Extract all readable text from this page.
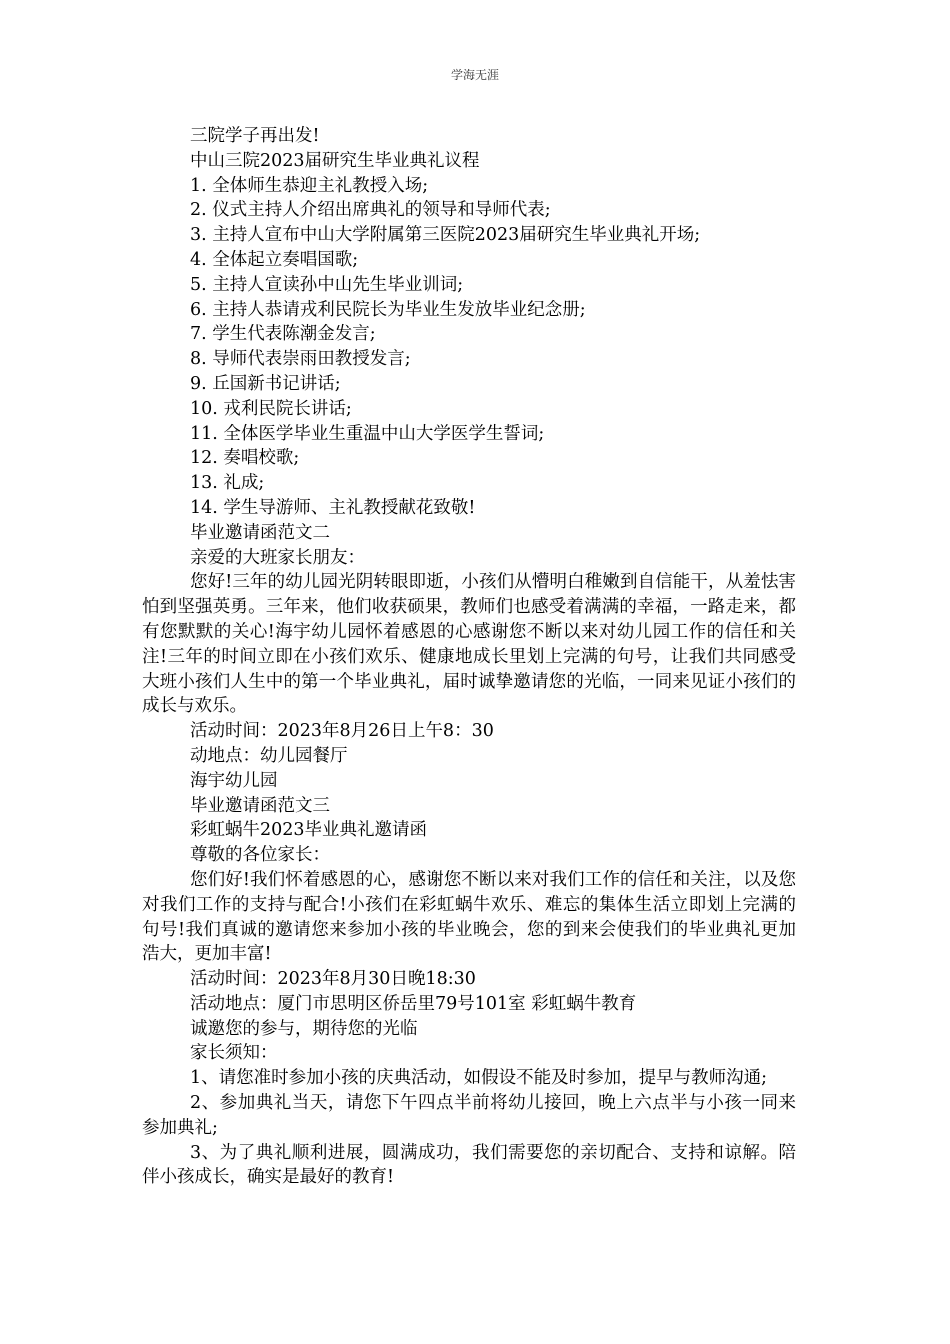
学海无涯

三院学子再出发!

中山三院2023届研究生毕业典礼议程

1. 全体师生恭迎主礼教授入场;

2. 仪式主持人介绍出席典礼的领导和导师代表;

3. 主持人宣布中山大学附属第三医院2023届研究生毕业典礼开场;

4. 全体起立奏唱国歌;

5. 主持人宣读孙中山先生毕业训词;

6. 主持人恭请戎利民院长为毕业生发放毕业纪念册;

7. 学生代表陈潮金发言;

8. 导师代表崇雨田教授发言;

9. 丘国新书记讲话;

10. 戎利民院长讲话;

11. 全体医学毕业生重温中山大学医学生誓词;

12. 奏唱校歌;

13. 礼成;

14. 学生导游师、主礼教授献花致敬!

毕业邀请函范文二

亲爱的大班家长朋友：

您好!三年的幼儿园光阴转眼即逝，小孩们从懵明白稚嫩到自信能干，从羞怯害怕到坚强英勇。三年来，他们收获硕果，教师们也感受着满满的幸福，一路走来，都有您默默的关心!海宇幼儿园怀着感恩的心感谢您不断以来对幼儿园工作的信任和关注!三年的时间立即在小孩们欢乐、健康地成长里划上完满的句号，让我们共同感受大班小孩们人生中的第一个毕业典礼，届时诚挚邀请您的光临，一同来见证小孩们的成长与欢乐。

活动时间：2023年8月26日上午8：30

动地点：幼儿园餐厅

海宇幼儿园

毕业邀请函范文三

彩虹蜗牛2023毕业典礼邀请函

尊敬的各位家长：

您们好!我们怀着感恩的心，感谢您不断以来对我们工作的信任和关注，以及您对我们工作的支持与配合!小孩们在彩虹蜗牛欢乐、难忘的集体生活立即划上完满的句号!我们真诚的邀请您来参加小孩的毕业晚会，您的到来会使我们的毕业典礼更加浩大，更加丰富!

活动时间：2023年8月30日晚18:30

活动地点：厦门市思明区侨岳里79号101室 彩虹蜗牛教育

诚邀您的参与，期待您的光临

家长须知：

1、请您准时参加小孩的庆典活动，如假设不能及时参加，提早与教师沟通;

2、参加典礼当天，请您下午四点半前将幼儿接回，晚上六点半与小孩一同来参加典礼;

3、为了典礼顺利进展，圆满成功，我们需要您的亲切配合、支持和谅解。陪伴小孩成长，确实是最好的教育!
